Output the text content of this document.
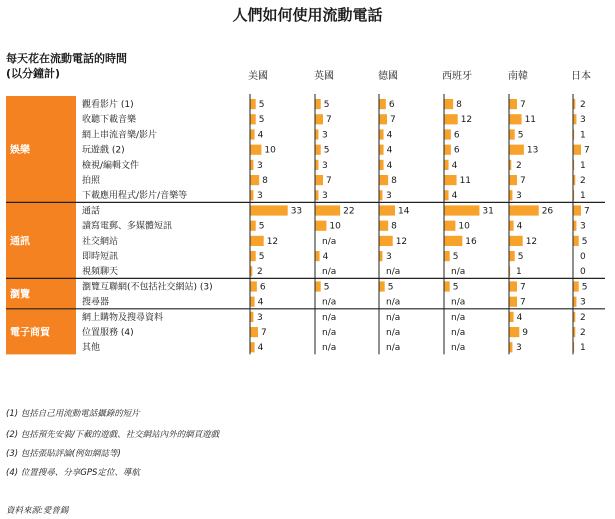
人們如何使用流動電話
每天花在流動電話的時間
(以分鐘計)	美國	英國	德國	西班牙	南韓	日本
娛樂
觀看影片 (1)	5	5	6	8	7	2
收聽下載音樂	5	7	7	12	11	3
網上串流音樂/影片	4	3	4	6	5	1
玩遊戲 (2)	10	5	4	6	13	7
檢視/編輯文件	3	3	4	4	2	1
拍照	8	7	8	11	7	2
下載應用程式/影片/音樂等	3	3	3	4	3	1
通訊
通話	33	22	14	31	26	7
讀寫電郵、多媒體短訊	5	10	8	10	4	3
社交網站	12	n/a	12	16	12	5
即時短訊	5	4	3	5	5	0
視頻聊天	2	n/a	n/a	n/a	1	0
瀏覽
瀏覽互聯網(不包括社交網站) (3)	6	5	5	5	7	5
搜尋器	4	n/a	n/a	n/a	7	3
電子商貿
網上購物及搜尋資料	3	n/a	n/a	n/a	4	2
位置服務 (4)	7	n/a	n/a	n/a	9	2
其他	4	n/a	n/a	n/a	3	1
(1) 包括自己用流動電話攝錄的短片
(2) 包括預先安裝/下載的遊戲、社交網站內外的網頁遊戲
(3) 包括張貼評論(例如網誌等)
(4) 位置搜尋、分享GPS定位、導航
資料來源:愛普鍚
